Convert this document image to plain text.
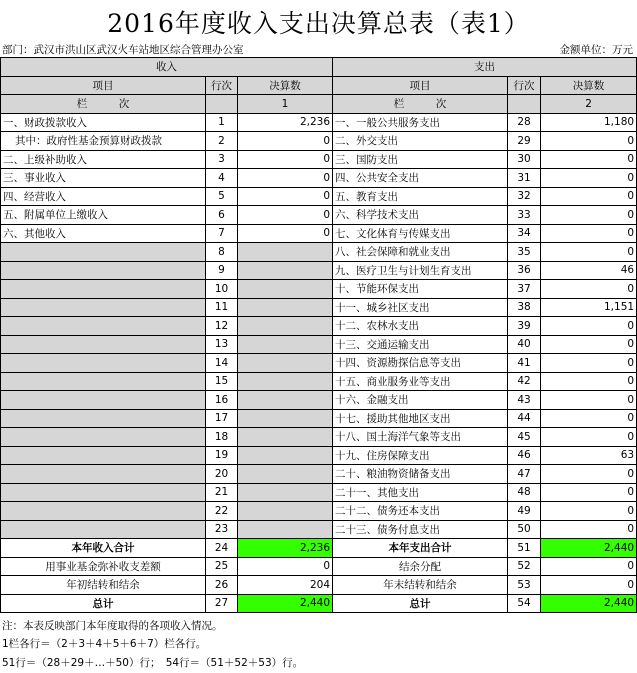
2016年度收入支出决算总表（表1）
部门：武汉市洪山区武汉火车站地区综合管理办公室	金额单位：万元
收入			支出		
项目	行次	决算数	项目	行次	决算数
栏　　　次		1	栏　　　次		2
一、财政拨款收入	1	2,236	一、一般公共服务支出	28	1,180
其中：政府性基金预算财政拨款	2	0	二、外交支出	29	0
二、上级补助收入	3	0	三、国防支出	30	0
三、事业收入	4	0	四、公共安全支出	31	0
四、经营收入	5	0	五、教育支出	32	0
五、附属单位上缴收入	6	0	六、科学技术支出	33	0
六、其他收入	7	0	七、文化体育与传媒支出	34	0
	8		八、社会保障和就业支出	35	0
	9		九、医疗卫生与计划生育支出	36	46
	10		十、节能环保支出	37	0
	11		十一、城乡社区支出	38	1,151
	12		十二、农林水支出	39	0
	13		十三、交通运输支出	40	0
	14		十四、资源勘探信息等支出	41	0
	15		十五、商业服务业等支出	42	0
	16		十六、金融支出	43	0
	17		十七、援助其他地区支出	44	0
	18		十八、国土海洋气象等支出	45	0
	19		十九、住房保障支出	46	63
	20		二十、粮油物资储备支出	47	0
	21		二十一、其他支出	48	0
	22		二十二、债务还本支出	49	0
	23		二十三、债务付息支出	50	0
本年收入合计	24	2,236	本年支出合计	51	2,440
用事业基金弥补收支差额	25	0	结余分配	52	0
年初结转和结余	26	204	年末结转和结余	53	0
总计	27	2,440	总计	54	2,440
注：本表反映部门本年度取得的各项收入情况。
1栏各行＝（2＋3＋4＋5＋6＋7）栏各行。
51行＝（28＋29＋…＋50）行；　54行＝（51＋52＋53）行。
